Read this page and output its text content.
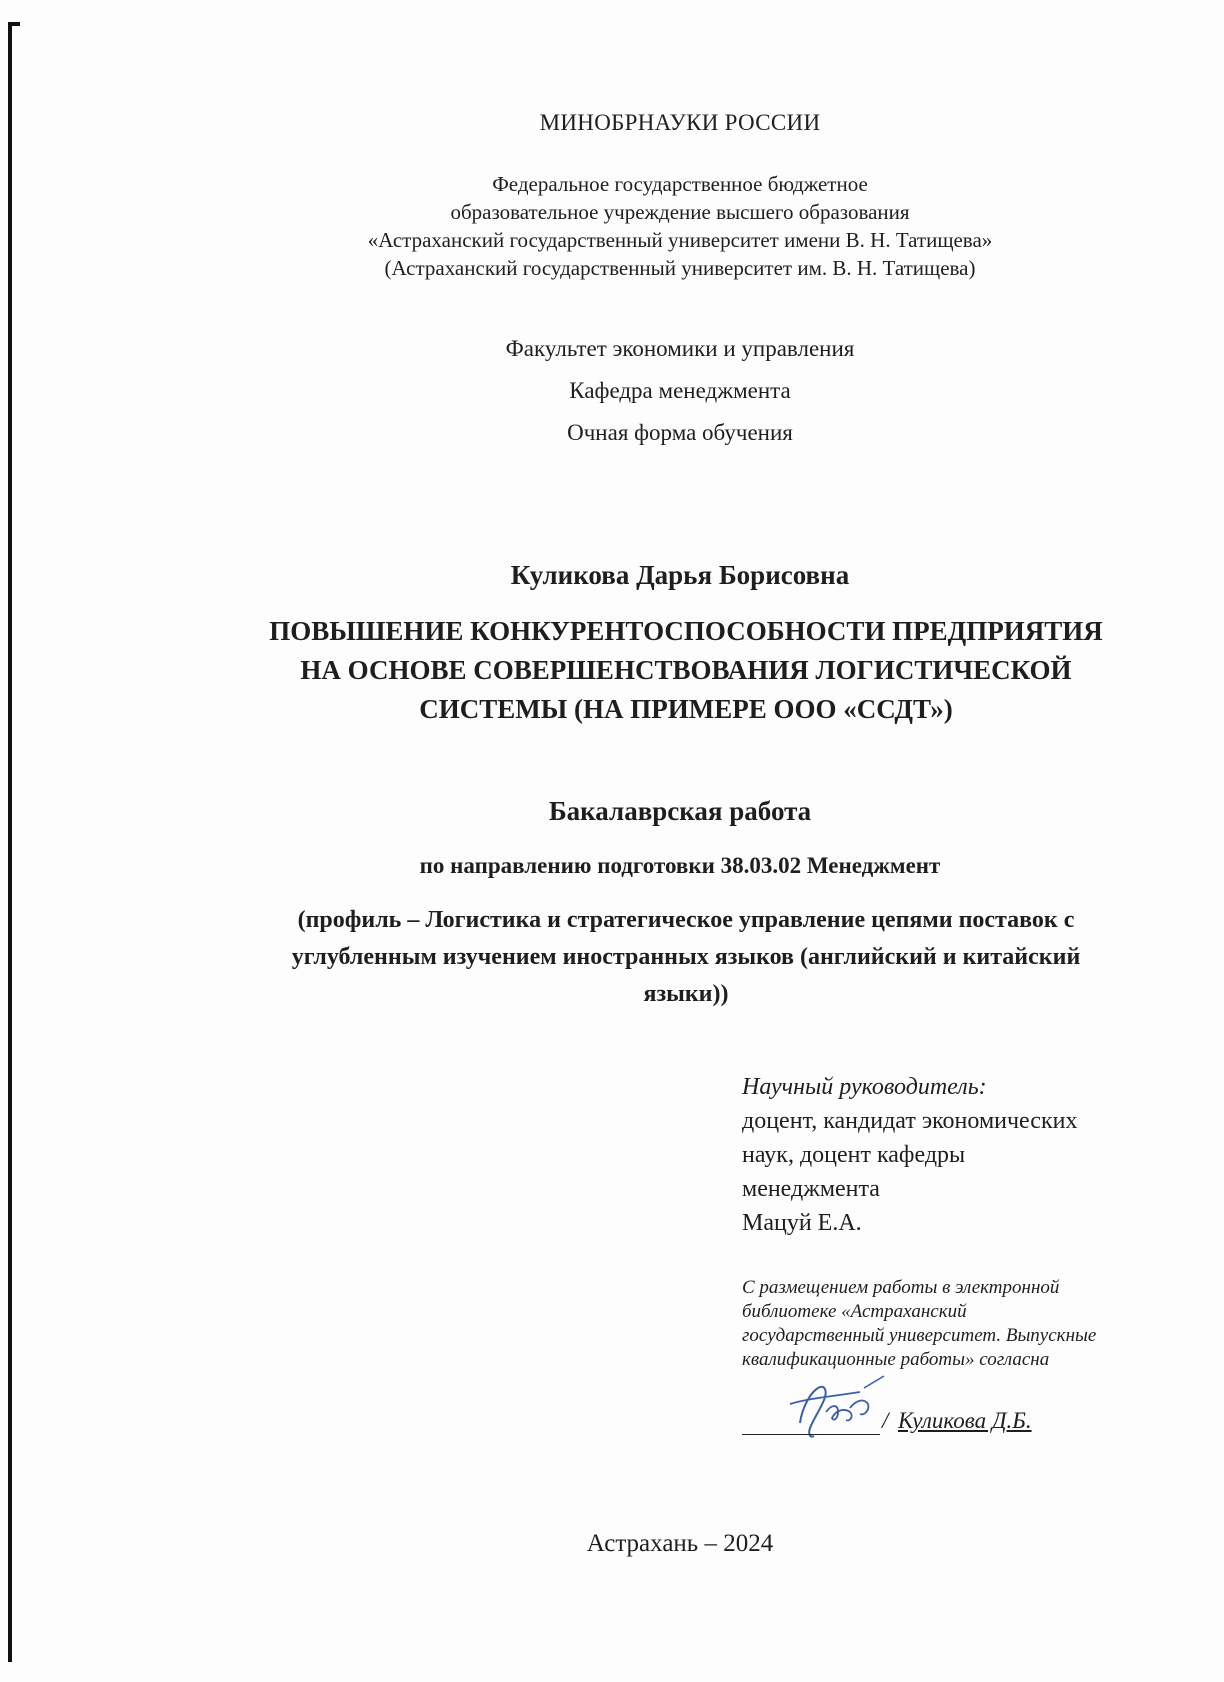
МИНОБРНАУКИ РОССИИ
Федеральное государственное бюджетное
образовательное учреждение высшего образования
«Астраханский государственный университет имени В. Н. Татищева»
(Астраханский государственный университет им. В. Н. Татищева)
Факультет экономики и управления
Кафедра менеджмента
Очная форма обучения
Куликова Дарья Борисовна
ПОВЫШЕНИЕ КОНКУРЕНТОСПОСОБНОСТИ ПРЕДПРИЯТИЯ
НА ОСНОВЕ СОВЕРШЕНСТВОВАНИЯ ЛОГИСТИЧЕСКОЙ
СИСТЕМЫ (НА ПРИМЕРЕ ООО «ССДТ»)
Бакалаврская работа
по направлению подготовки 38.03.02 Менеджмент
(профиль – Логистика и стратегическое управление цепями поставок с
углубленным изучением иностранных языков (английский и китайский
языки))
Научный руководитель:
доцент, кандидат экономических
наук, доцент кафедры
менеджмента
Мацуй Е.А.
С размещением работы в электронной
библиотеке «Астраханский
государственный университет. Выпускные
квалификационные работы» согласна
/ Куликова Д.Б.
Астрахань – 2024
